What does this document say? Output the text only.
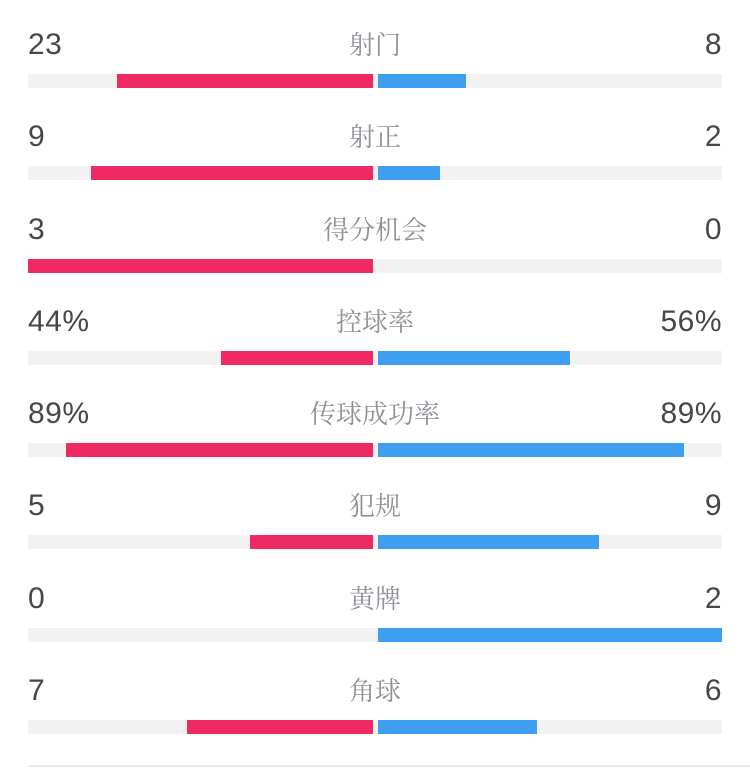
23	射门	8
9	射正	2
3	得分机会	0
44%	控球率	56%
89%	传球成功率	89%
5	犯规	9
0	黄牌	2
7	角球	6
